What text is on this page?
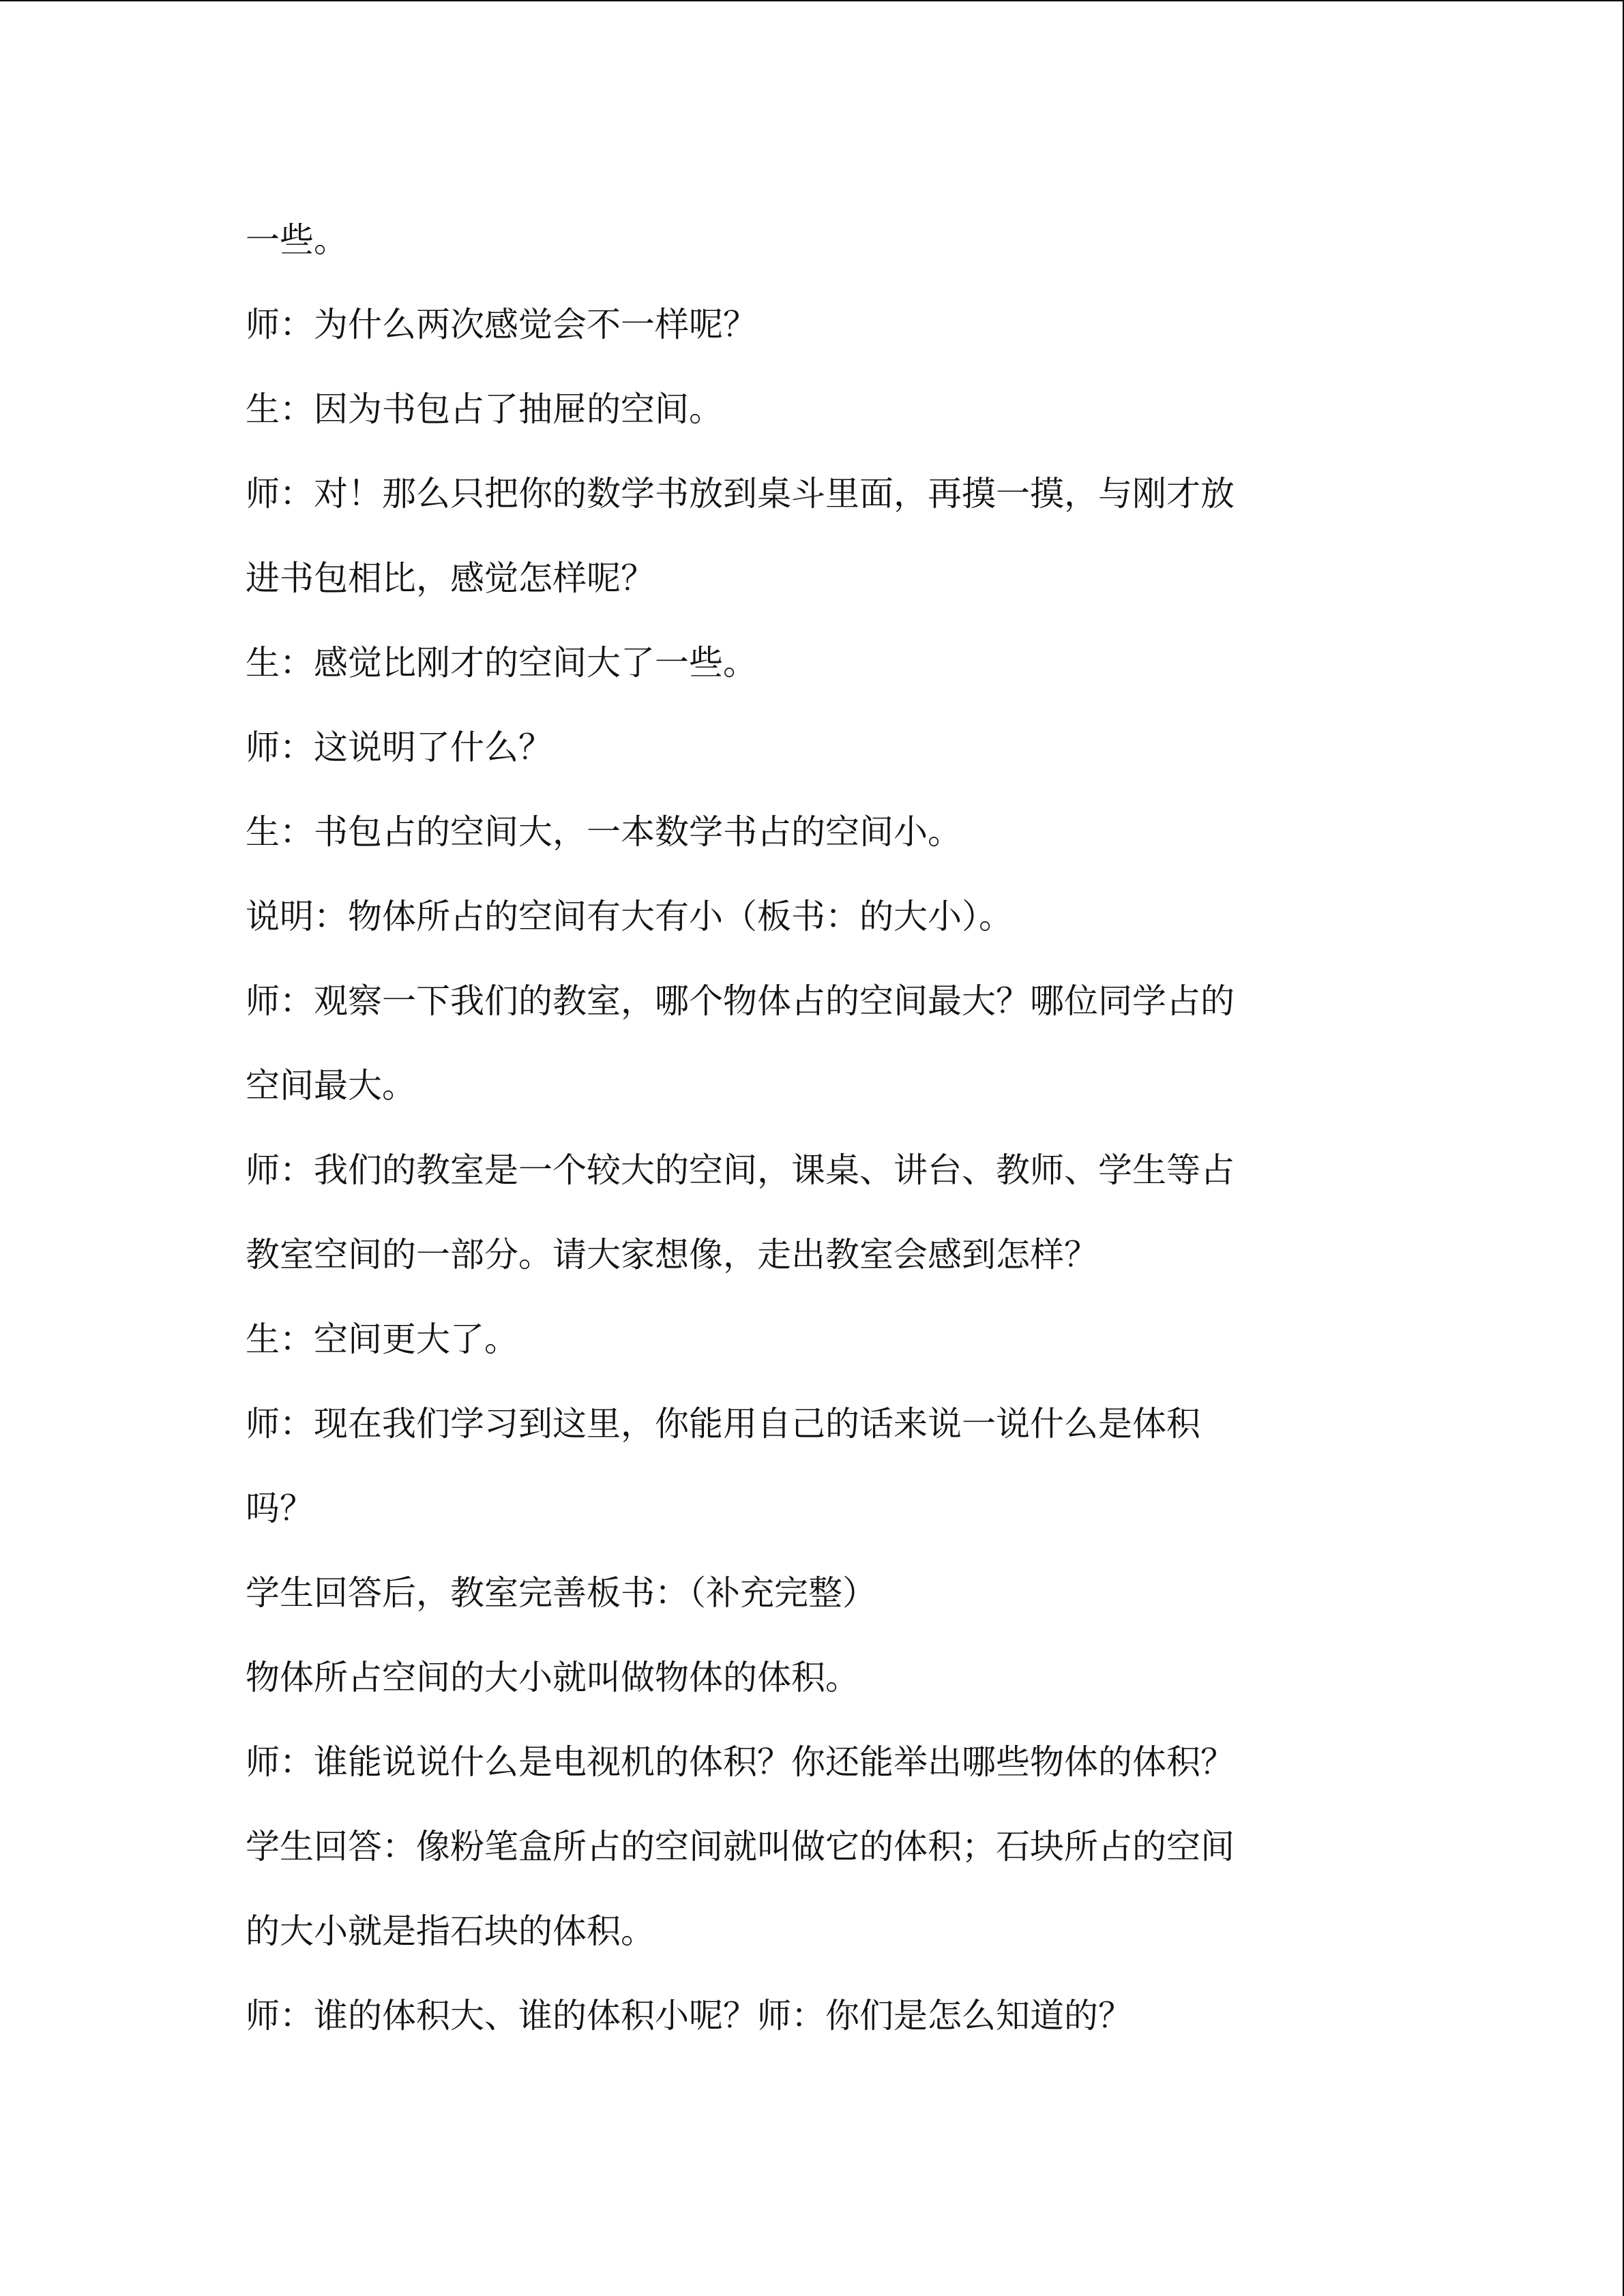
一些。
师：为什么两次感觉会不一样呢？
生：因为书包占了抽屉的空间。
师：对！那么只把你的数学书放到桌斗里面，再摸一摸，与刚才放
进书包相比，感觉怎样呢？
生：感觉比刚才的空间大了一些。
师：这说明了什么？
生：书包占的空间大，一本数学书占的空间小。
说明：物体所占的空间有大有小（板书：的大小）。
师：观察一下我们的教室，哪个物体占的空间最大？哪位同学占的
空间最大。
师：我们的教室是一个较大的空间，课桌、讲台、教师、学生等占
教室空间的一部分。请大家想像，走出教室会感到怎样？
生：空间更大了。
师：现在我们学习到这里，你能用自己的话来说一说什么是体积
吗？
学生回答后，教室完善板书：（补充完整）
物体所占空间的大小就叫做物体的体积。
师：谁能说说什么是电视机的体积？你还能举出哪些物体的体积？
学生回答：像粉笔盒所占的空间就叫做它的体积；石块所占的空间
的大小就是指石块的体积。
师：谁的体积大、谁的体积小呢？师：你们是怎么知道的？
